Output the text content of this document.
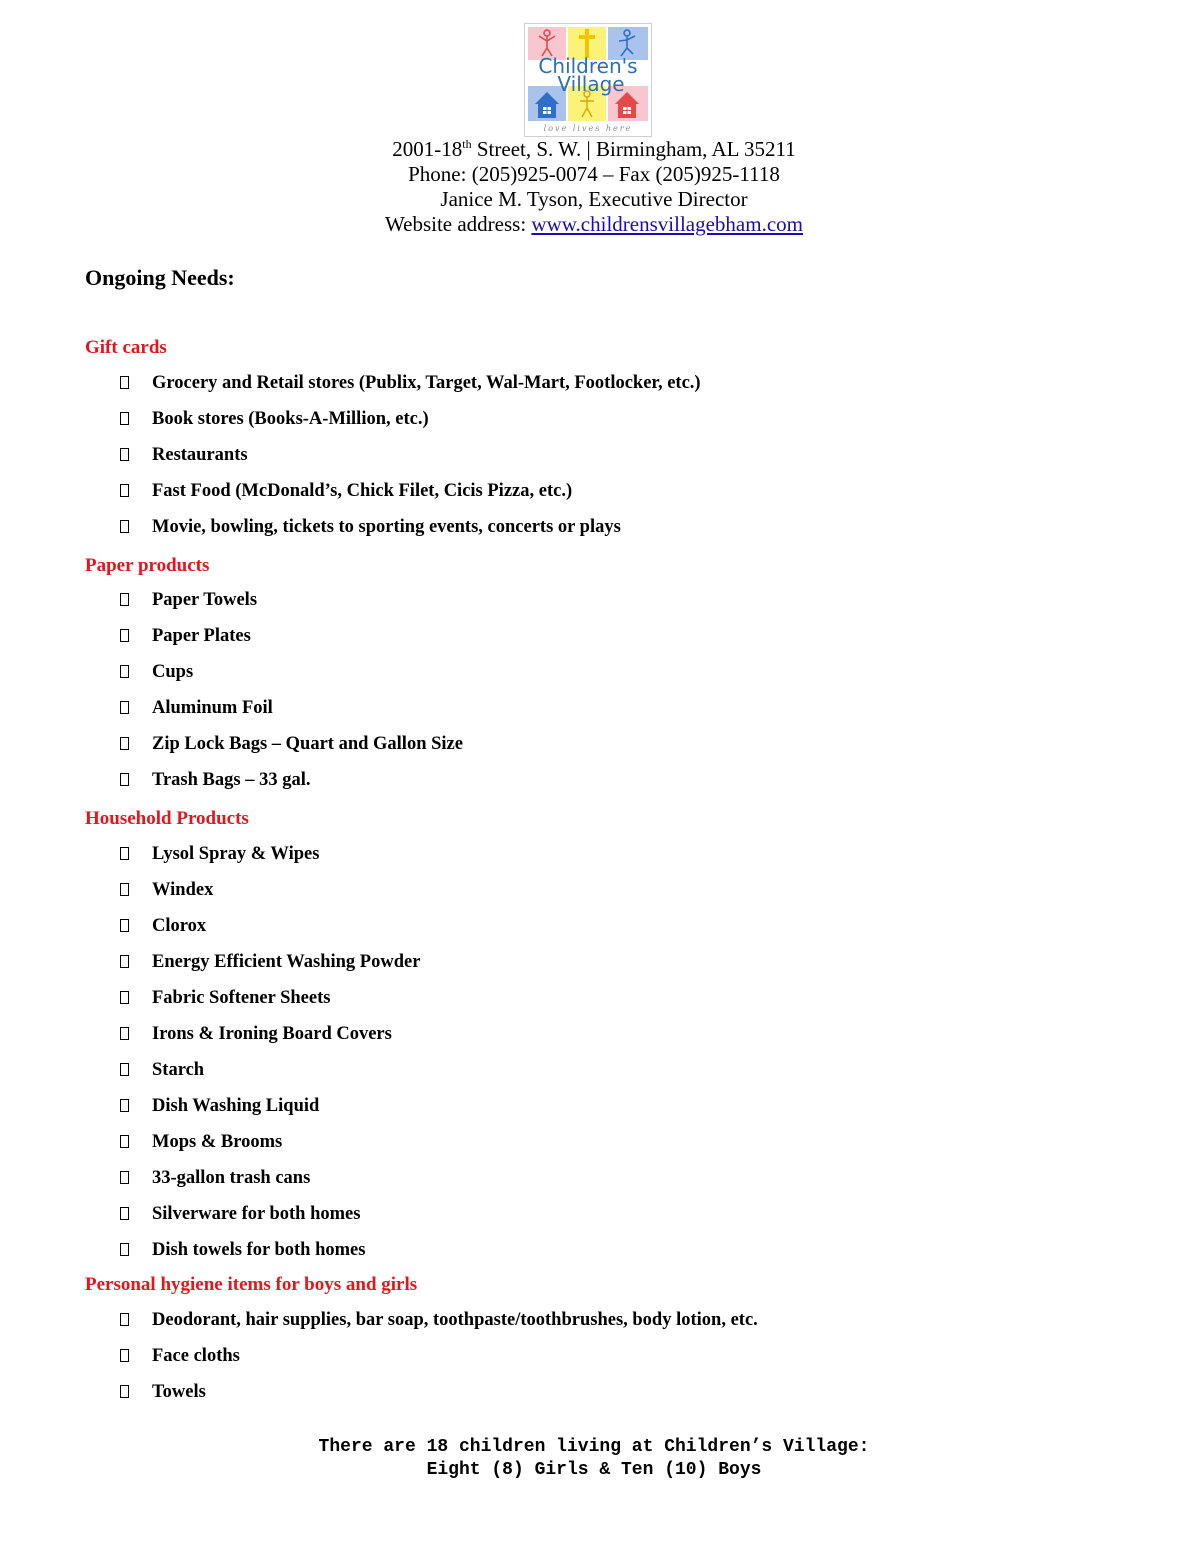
Children's
Village
love lives here
2001-18th Street, S. W. | Birmingham, AL 35211
Phone: (205)925-0074 – Fax (205)925-1118
Janice M. Tyson, Executive Director
Website address: www.childrensvillagebham.com
Ongoing Needs:
Gift cards
Grocery and Retail stores (Publix, Target, Wal-Mart, Footlocker, etc.)
Book stores (Books-A-Million, etc.)
Restaurants
Fast Food (McDonald’s, Chick Filet, Cicis Pizza, etc.)
Movie, bowling, tickets to sporting events, concerts or plays
Paper products
Paper Towels
Paper Plates
Cups
Aluminum Foil
Zip Lock Bags – Quart and Gallon Size
Trash Bags – 33 gal.
Household Products
Lysol Spray & Wipes
Windex
Clorox
Energy Efficient Washing Powder
Fabric Softener Sheets
Irons & Ironing Board Covers
Starch
Dish Washing Liquid
Mops & Brooms
33-gallon trash cans
Silverware for both homes
Dish towels for both homes
Personal hygiene items for boys and girls
Deodorant, hair supplies, bar soap, toothpaste/toothbrushes, body lotion, etc.
Face cloths
Towels
There are 18 children living at Children’s Village:
Eight (8) Girls & Ten (10) Boys
